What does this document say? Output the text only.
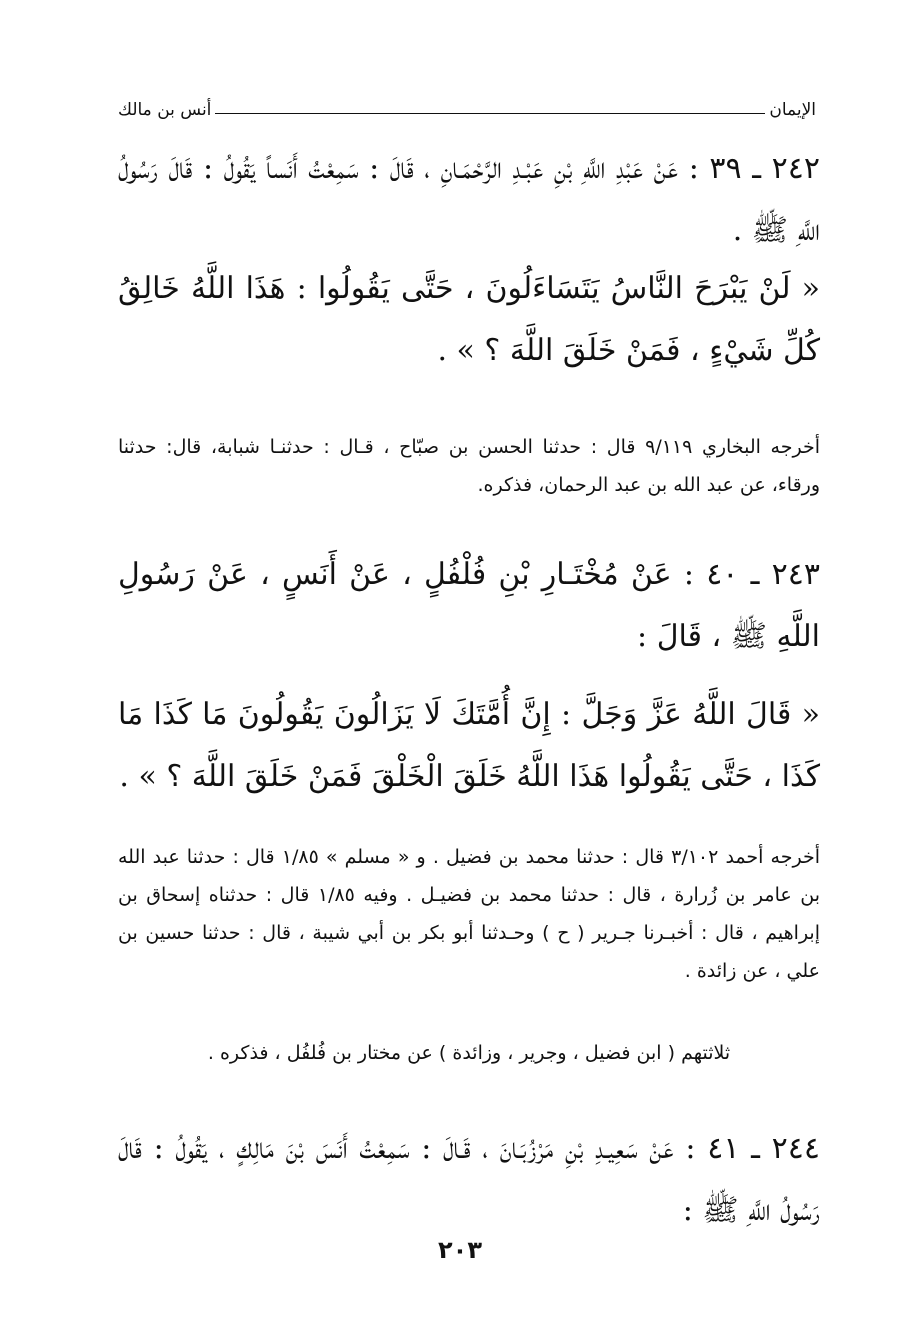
الإيمان
أنس بن مالك
٢٤٢ ـ ٣٩ : عَنْ عَبْدِ اللَّهِ بْنِ عَبْـدِ الرَّحْمَـانِ ، قَالَ : سَمِعْتُ أَنَساً يَقُولُ : قَالَ رَسُولُ اللَّهِ ﷺ .
« لَنْ يَبْرَحَ النَّاسُ يَتَسَاءَلُونَ ، حَتَّى يَقُولُوا : هَذَا اللَّهُ خَالِقُ كُلِّ شَيْءٍ ، فَمَنْ خَلَقَ اللَّهَ ؟ » .
أخرجه البخاري ٩/١١٩ قال : حدثنا الحسن بن صبّاح ، قـال : حدثنـا شبابة، قال: حدثنا ورقاء، عن عبد الله بن عبد الرحمان، فذكره.
٢٤٣ ـ ٤٠ : عَنْ مُخْتَـارِ بْنِ فُلْفُلٍ ، عَنْ أَنَسٍ ، عَنْ رَسُولِ اللَّهِ ﷺ ، قَالَ :
« قَالَ اللَّهُ عَزَّ وَجَلَّ : إِنَّ أُمَّتَكَ لَا يَزَالُونَ يَقُولُونَ مَا كَذَا مَا كَذَا ، حَتَّى يَقُولُوا هَذَا اللَّهُ خَلَقَ الْخَلْقَ فَمَنْ خَلَقَ اللَّهَ ؟ » .
أخرجه أحمد ٣/١٠٢ قال : حدثنا محمد بن فضيل . و « مسلم » ١/٨٥ قال : حدثنا عبد الله بن عامر بن زُرارة ، قال : حدثنا محمد بن فضيـل . وفيه ١/٨٥ قال : حدثناه إسحاق بن إبراهيم ، قال : أخبـرنا جـرير ( ح ) وحـدثنا أبو بكر بن أبي شيبة ، قال : حدثنا حسين بن علي ، عن زائدة .
ثلاثتهم ( ابن فضيل ، وجرير ، وزائدة ) عن مختار بن فُلفُل ، فذكره .
٢٤٤ ـ ٤١ : عَنْ سَعِيـدِ بْنِ مَرْزُبَـانَ ، قَـالَ : سَمِعْتُ أَنَسَ بْنَ مَالِكٍ ، يَقُولُ : قَالَ رَسُولُ اللَّهِ ﷺ :
٢٠٣
